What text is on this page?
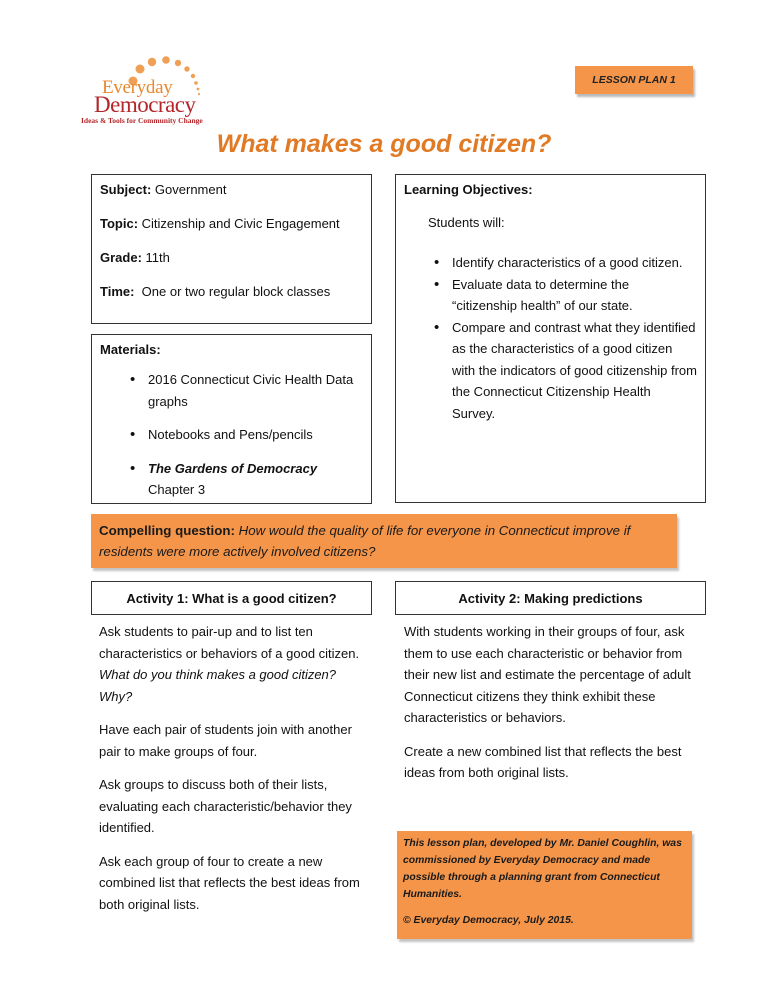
Everyday
Democracy
Ideas & Tools for Community Change
LESSON PLAN 1
What makes a good citizen?

Subject: Government

Topic: Citizenship and Civic Engagement

Grade: 11th

Time: One or two regular block classes

Learning Objectives:
Students will:
• Identify characteristics of a good citizen.
• Evaluate data to determine the “citizenship health” of our state.
• Compare and contrast what they identified as the characteristics of a good citizen with the indicators of good citizenship from the Connecticut Citizenship Health Survey.
Materials:
• 2016 Connecticut Civic Health Data graphs
• Notebooks and Pens/pencils
• The Gardens of Democracy
Chapter 3
Compelling question: How would the quality of life for everyone in Connecticut improve if residents were more actively involved citizens?
Activity 1: What is a good citizen?	Activity 2: Making predictions

Ask students to pair-up and to list ten characteristics or behaviors of a good citizen.  What do you think makes a good citizen? Why?

Have each pair of students join with another pair to make groups of four.

Ask groups to discuss both of their lists, evaluating each characteristic/behavior they identified.

Ask each group of four to create a new combined list that reflects the best ideas from both original lists.

With students working in their groups of four, ask them to use each characteristic or behavior from their new list and estimate the percentage of adult Connecticut citizens they think exhibit these characteristics or behaviors.

Create a new combined list that reflects the best ideas from both original lists.

This lesson plan, developed by Mr. Daniel Coughlin, was commissioned by Everyday Democracy and made possible through a planning grant from Connecticut Humanities.

© Everyday Democracy, July 2015.
